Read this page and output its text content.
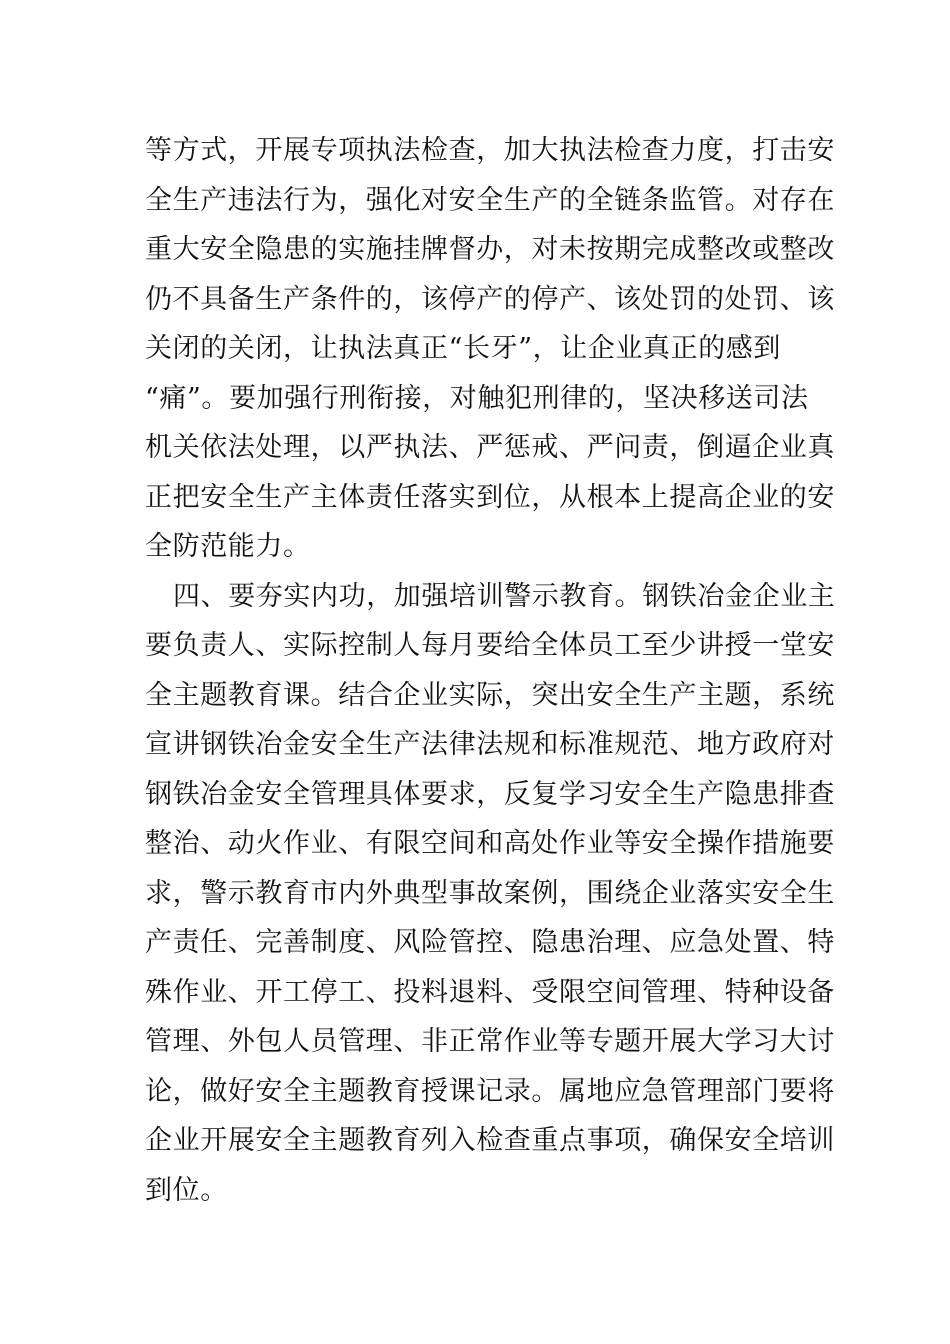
等方式，开展专项执法检查，加大执法检查力度，打击安
全生产违法行为，强化对安全生产的全链条监管。对存在
重大安全隐患的实施挂牌督办，对未按期完成整改或整改
仍不具备生产条件的，该停产的停产、该处罚的处罚、该
关闭的关闭，让执法真正“长牙”，让企业真正的感到
“痛”。要加强行刑衔接，对触犯刑律的，坚决移送司法
机关依法处理，以严执法、严惩戒、严问责，倒逼企业真
正把安全生产主体责任落实到位，从根本上提高企业的安
全防范能力。
四、要夯实内功，加强培训警示教育。钢铁冶金企业主
要负责人、实际控制人每月要给全体员工至少讲授一堂安
全主题教育课。结合企业实际，突出安全生产主题，系统
宣讲钢铁冶金安全生产法律法规和标准规范、地方政府对
钢铁冶金安全管理具体要求，反复学习安全生产隐患排查
整治、动火作业、有限空间和高处作业等安全操作措施要
求，警示教育市内外典型事故案例，围绕企业落实安全生
产责任、完善制度、风险管控、隐患治理、应急处置、特
殊作业、开工停工、投料退料、受限空间管理、特种设备
管理、外包人员管理、非正常作业等专题开展大学习大讨
论，做好安全主题教育授课记录。属地应急管理部门要将
企业开展安全主题教育列入检查重点事项，确保安全培训
到位。
